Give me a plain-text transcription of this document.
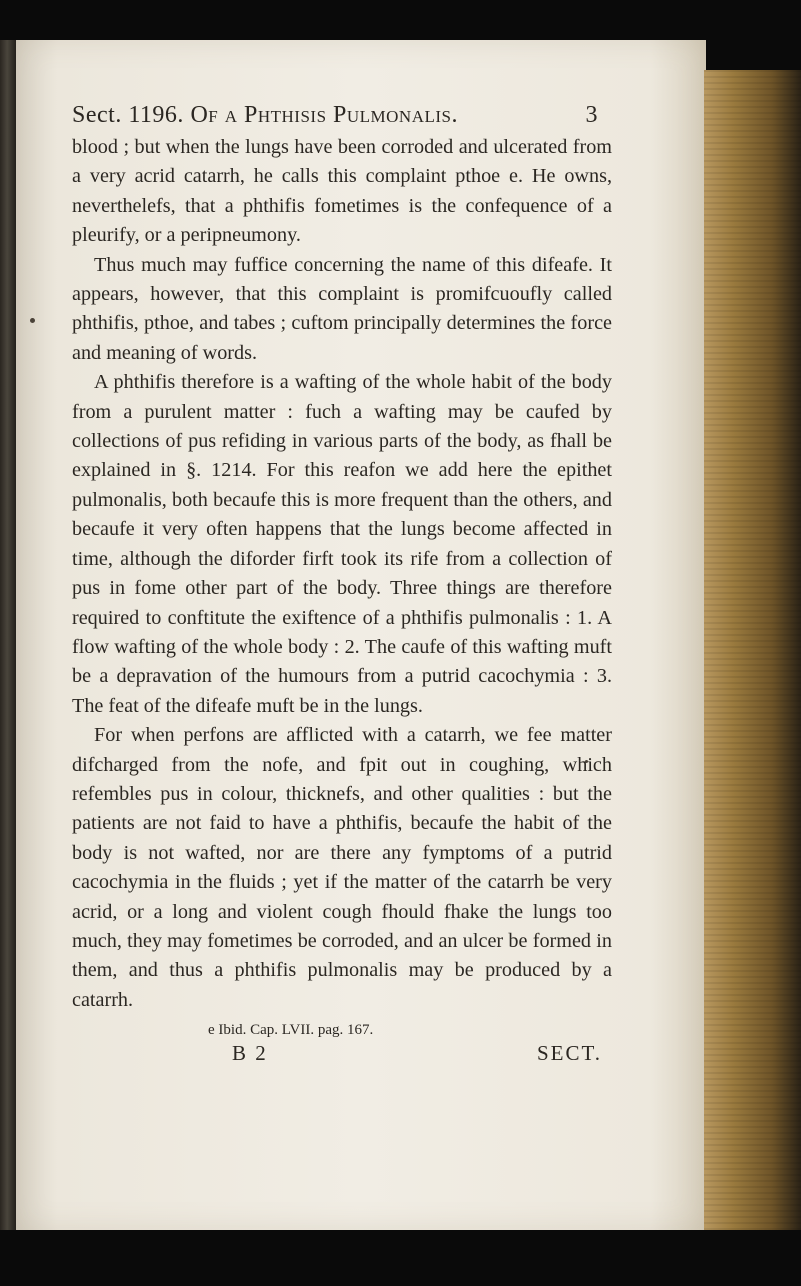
Sect. 1196. Of a Phthisis Pulmonalis.	3

blood ; but when the lungs have been corroded and ulcerated from a very acrid catarrh, he calls this complaint pthoe e. He owns, neverthelefs, that a phthifis fometimes is the confequence of a pleurify, or a peripneumony.

Thus much may fuffice concerning the name of this difeafe. It appears, however, that this complaint is promifcuoufly called phthifis, pthoe, and tabes ; cuftom principally determines the force and meaning of words.

A phthifis therefore is a wafting of the whole habit of the body from a purulent matter : fuch a wafting may be caufed by collections of pus refiding in various parts of the body, as fhall be explained in §. 1214. For this reafon we add here the epithet pulmonalis, both becaufe this is more frequent than the others, and becaufe it very often happens that the lungs become affected in time, although the diforder firft took its rife from a collection of pus in fome other part of the body. Three things are therefore required to conftitute the exiftence of a phthifis pulmonalis : 1. A flow wafting of the whole body : 2. The caufe of this wafting muft be a depravation of the humours from a putrid cacochymia : 3. The feat of the difeafe muft be in the lungs.

For when perfons are afflicted with a catarrh, we fee matter difcharged from the nofe, and fpit out in coughing, which refembles pus in colour, thicknefs, and other qualities : but the patients are not faid to have a phthifis, becaufe the habit of the body is not wafted, nor are there any fymptoms of a putrid cacochymia in the fluids ; yet if the matter of the catarrh be very acrid, or a long and violent cough fhould fhake the lungs too much, they may fometimes be corroded, and an ulcer be formed in them, and thus a phthifis pulmonalis may be produced by a catarrh.

e Ibid. Cap. LVII. pag. 167.
B 2	SECT.
